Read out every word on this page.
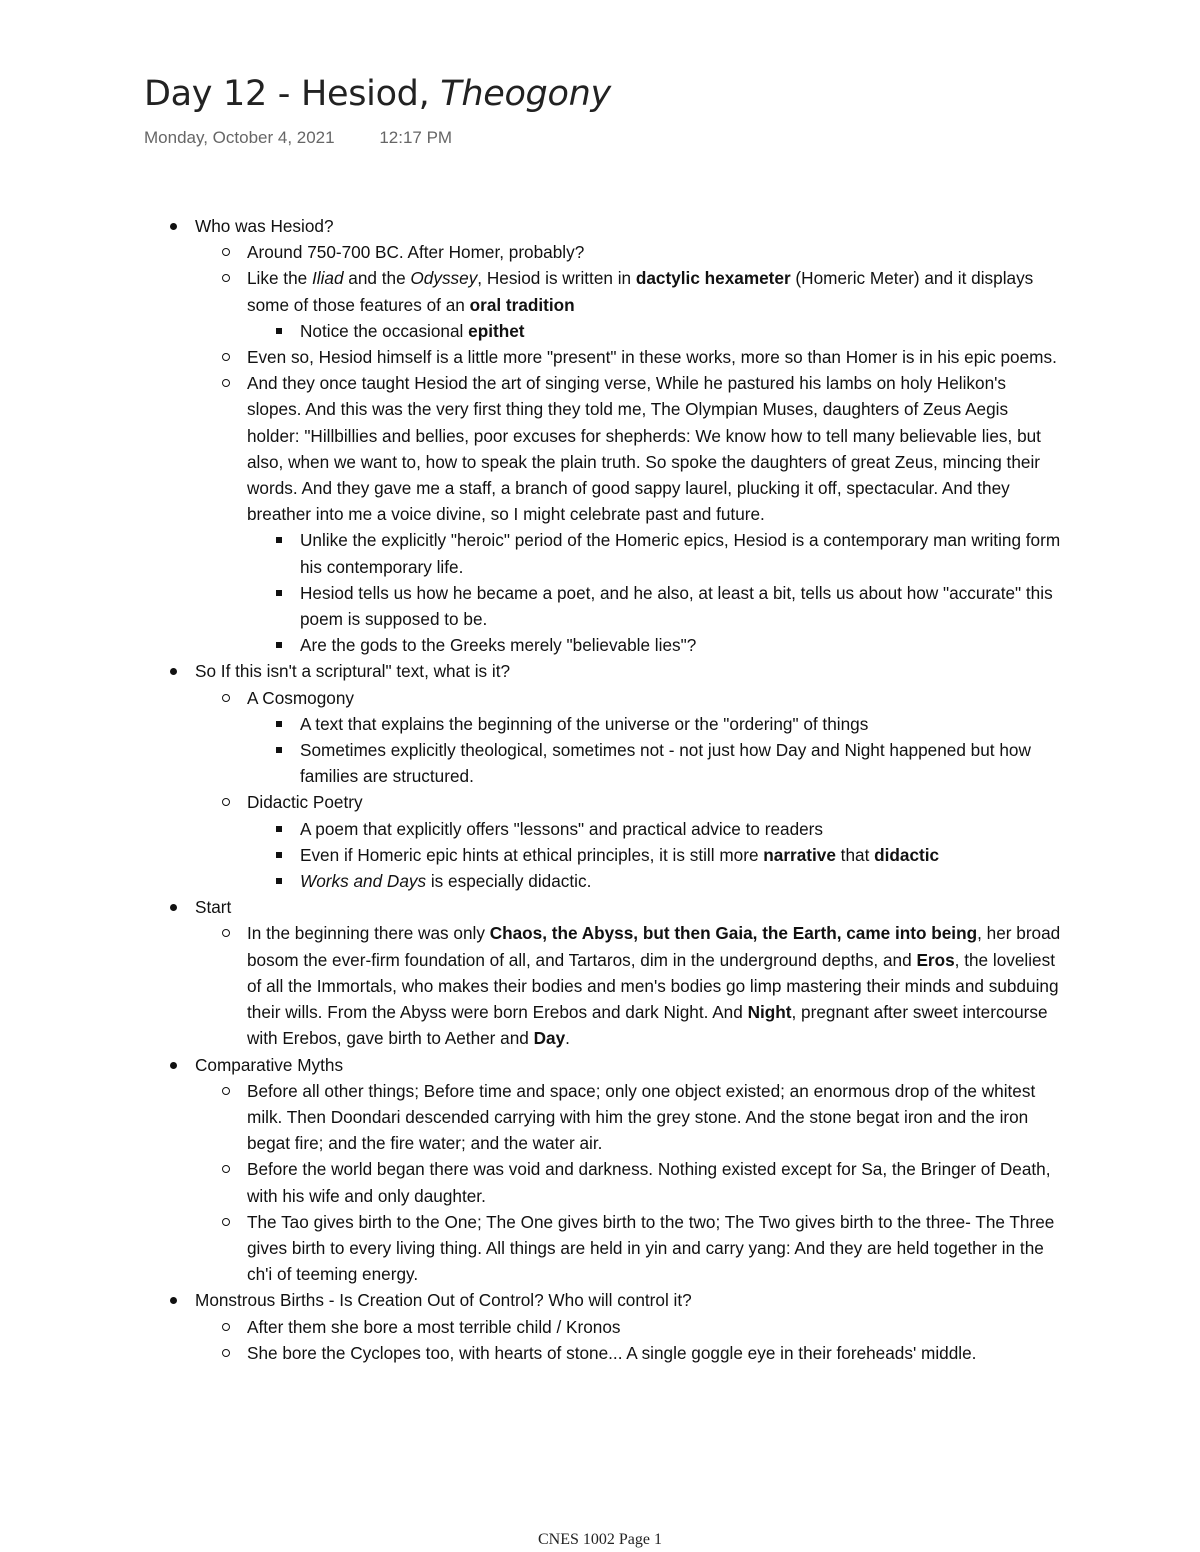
Day 12 - Hesiod, Theogony
Monday, October 4, 2021	12:17 PM
Who was Hesiod?
Around 750-700 BC. After Homer, probably?
Like the Iliad and the Odyssey, Hesiod is written in dactylic hexameter (Homeric Meter) and it displays some of those features of an oral tradition
Notice the occasional epithet
Even so, Hesiod himself is a little more "present" in these works, more so than Homer is in his epic poems.
And they once taught Hesiod the art of singing verse, While he pastured his lambs on holy Helikon's slopes. And this was the very first thing they told me, The Olympian Muses, daughters of Zeus Aegis holder: "Hillbillies and bellies, poor excuses for shepherds: We know how to tell many believable lies, but also, when we want to, how to speak the plain truth. So spoke the daughters of great Zeus, mincing their words. And they gave me a staff, a branch of good sappy laurel, plucking it off, spectacular. And they breather into me a voice divine, so I might celebrate past and future.
Unlike the explicitly "heroic" period of the Homeric epics, Hesiod is a contemporary man writing form his contemporary life.
Hesiod tells us how he became a poet, and he also, at least a bit, tells us about how "accurate" this poem is supposed to be.
Are the gods to the Greeks merely "believable lies"?
So If this isn't a scriptural" text, what is it?
A Cosmogony
A text that explains the beginning of the universe or the "ordering" of things
Sometimes explicitly theological, sometimes not - not just how Day and Night happened but how families are structured.
Didactic Poetry
A poem that explicitly offers "lessons" and practical advice to readers
Even if Homeric epic hints at ethical principles, it is still more narrative that didactic
Works and Days is especially didactic.
Start
In the beginning there was only Chaos, the Abyss, but then Gaia, the Earth, came into being, her broad bosom the ever-firm foundation of all, and Tartaros, dim in the underground depths, and Eros, the loveliest of all the Immortals, who makes their bodies and men's bodies go limp mastering their minds and subduing their wills. From the Abyss were born Erebos and dark Night. And Night, pregnant after sweet intercourse with Erebos, gave birth to Aether and Day.
Comparative Myths
Before all other things; Before time and space; only one object existed; an enormous drop of the whitest milk. Then Doondari descended carrying with him the grey stone. And the stone begat iron and the iron begat fire; and the fire water; and the water air.
Before the world began there was void and darkness. Nothing existed except for Sa, the Bringer of Death, with his wife and only daughter.
The Tao gives birth to the One; The One gives birth to the two; The Two gives birth to the three- The Three gives birth to every living thing. All things are held in yin and carry yang: And they are held together in the ch'i of teeming energy.
Monstrous Births - Is Creation Out of Control? Who will control it?
After them she bore a most terrible child / Kronos
She bore the Cyclopes too, with hearts of stone... A single goggle eye in their foreheads' middle.
CNES 1002 Page 1
